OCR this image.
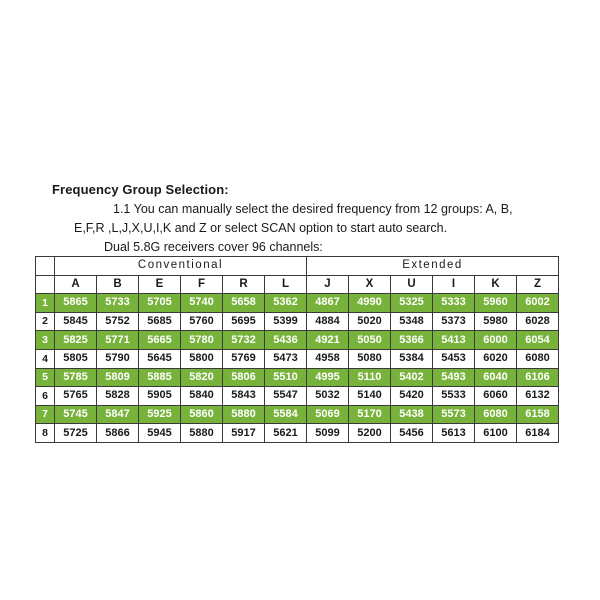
Frequency Group Selection:
1.1 You can manually select the desired frequency from 12 groups: A, B,
E,F,R ,L,J,X,U,I,K and Z or select SCAN option to start auto search.
Dual 5.8G receivers cover 96 channels:
	Conventional						Extended					
	A	B	E	F	R	L	J	X	U	I	K	Z
1	5865	5733	5705	5740	5658	5362	4867	4990	5325	5333	5960	6002
2	5845	5752	5685	5760	5695	5399	4884	5020	5348	5373	5980	6028
3	5825	5771	5665	5780	5732	5436	4921	5050	5366	5413	6000	6054
4	5805	5790	5645	5800	5769	5473	4958	5080	5384	5453	6020	6080
5	5785	5809	5885	5820	5806	5510	4995	5110	5402	5493	6040	6106
6	5765	5828	5905	5840	5843	5547	5032	5140	5420	5533	6060	6132
7	5745	5847	5925	5860	5880	5584	5069	5170	5438	5573	6080	6158
8	5725	5866	5945	5880	5917	5621	5099	5200	5456	5613	6100	6184
